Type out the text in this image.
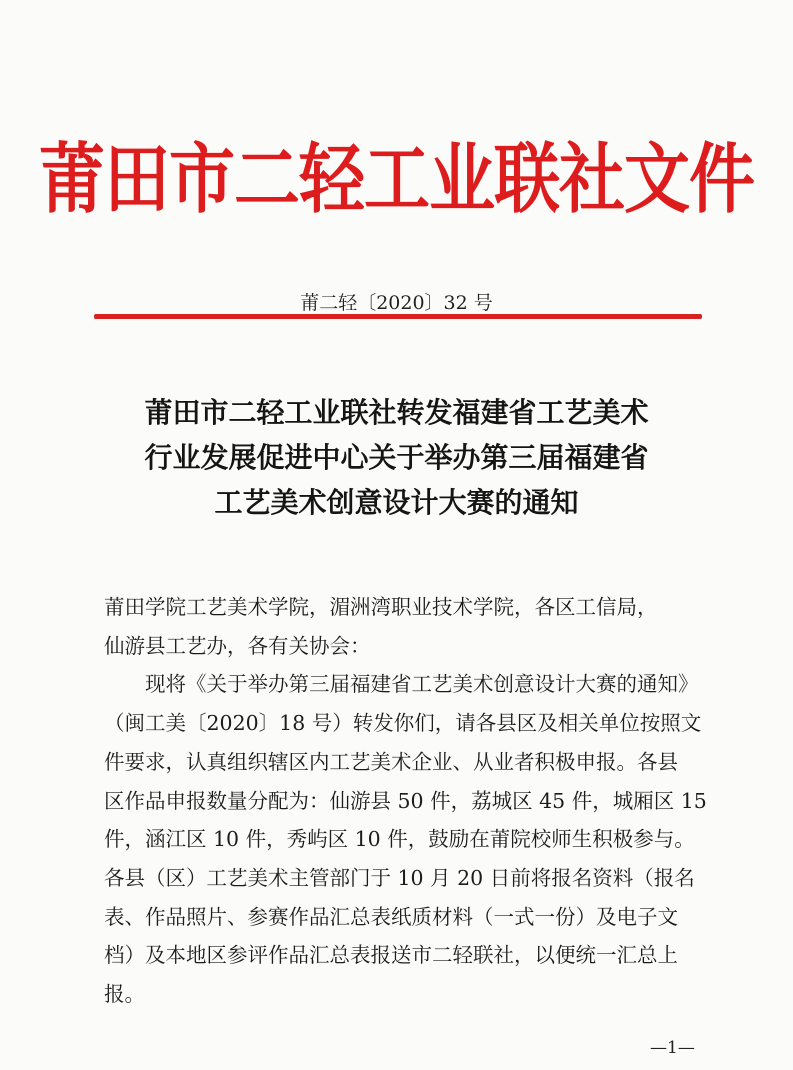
莆田市二轻工业联社文件
莆二轻〔2020〕32 号
莆田市二轻工业联社转发福建省工艺美术
行业发展促进中心关于举办第三届福建省
工艺美术创意设计大赛的通知

莆田学院工艺美术学院，湄洲湾职业技术学院，各区工信局，

仙游县工艺办，各有关协会：

现将《关于举办第三届福建省工艺美术创意设计大赛的通知》

（闽工美〔2020〕18 号）转发你们，请各县区及相关单位按照文

件要求，认真组织辖区内工艺美术企业、从业者积极申报。各县

区作品申报数量分配为：仙游县 50 件，荔城区 45 件，城厢区 15

件，涵江区 10 件，秀屿区 10 件，鼓励在莆院校师生积极参与。

各县（区）工艺美术主管部门于 10 月 20 日前将报名资料（报名

表、作品照片、参赛作品汇总表纸质材料（一式一份）及电子文

档）及本地区参评作品汇总表报送市二轻联社，以便统一汇总上

报。

—1—
